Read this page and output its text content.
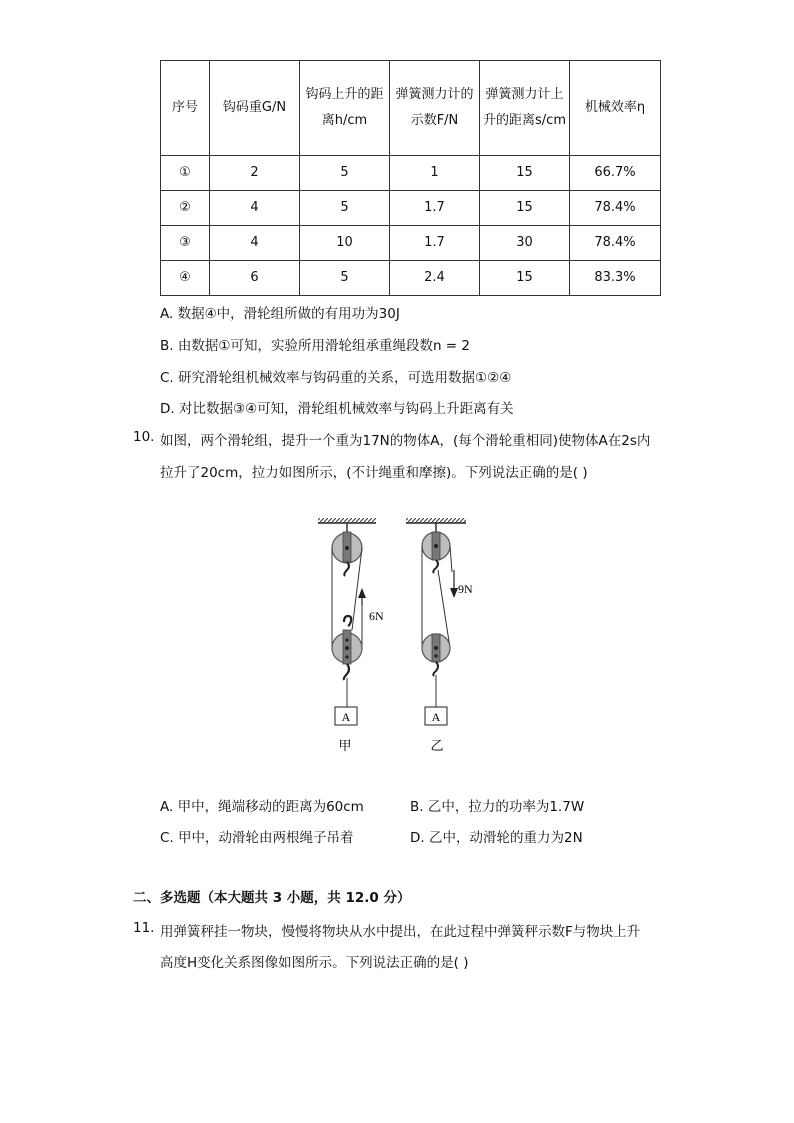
序号	钩码重G/N	钩码上升的距离h/cm	弹簧测力计的示数F/N	弹簧测力计上升的距离s/cm	机械效率η
①	2	5	1	15	66.7%
②	4	5	1.7	15	78.4%
③	4	10	1.7	30	78.4%
④	6	5	2.4	15	83.3%
A. 数据④中，滑轮组所做的有用功为30J
B. 由数据①可知，实验所用滑轮组承重绳段数n = 2
C. 研究滑轮组机械效率与钩码重的关系，可选用数据①②④
D. 对比数据③④可知，滑轮组机械效率与钩码上升距离有关
10. 如图，两个滑轮组，提升一个重为17N的物体A，(每个滑轮重相同)使物体A在2s内
拉升了20cm，拉力如图所示，(不计绳重和摩擦)。下列说法正确的是( )
6N
A
甲
9N
A
乙
A. 甲中，绳端移动的距离为60cm	B. 乙中，拉力的功率为1.7W
C. 甲中，动滑轮由两根绳子吊着	D. 乙中，动滑轮的重力为2N
二、多选题（本大题共 3 小题，共 12.0 分）
11. 用弹簧秤挂一物块，慢慢将物块从水中提出，在此过程中弹簧秤示数F与物块上升
高度H变化关系图像如图所示。下列说法正确的是( )
